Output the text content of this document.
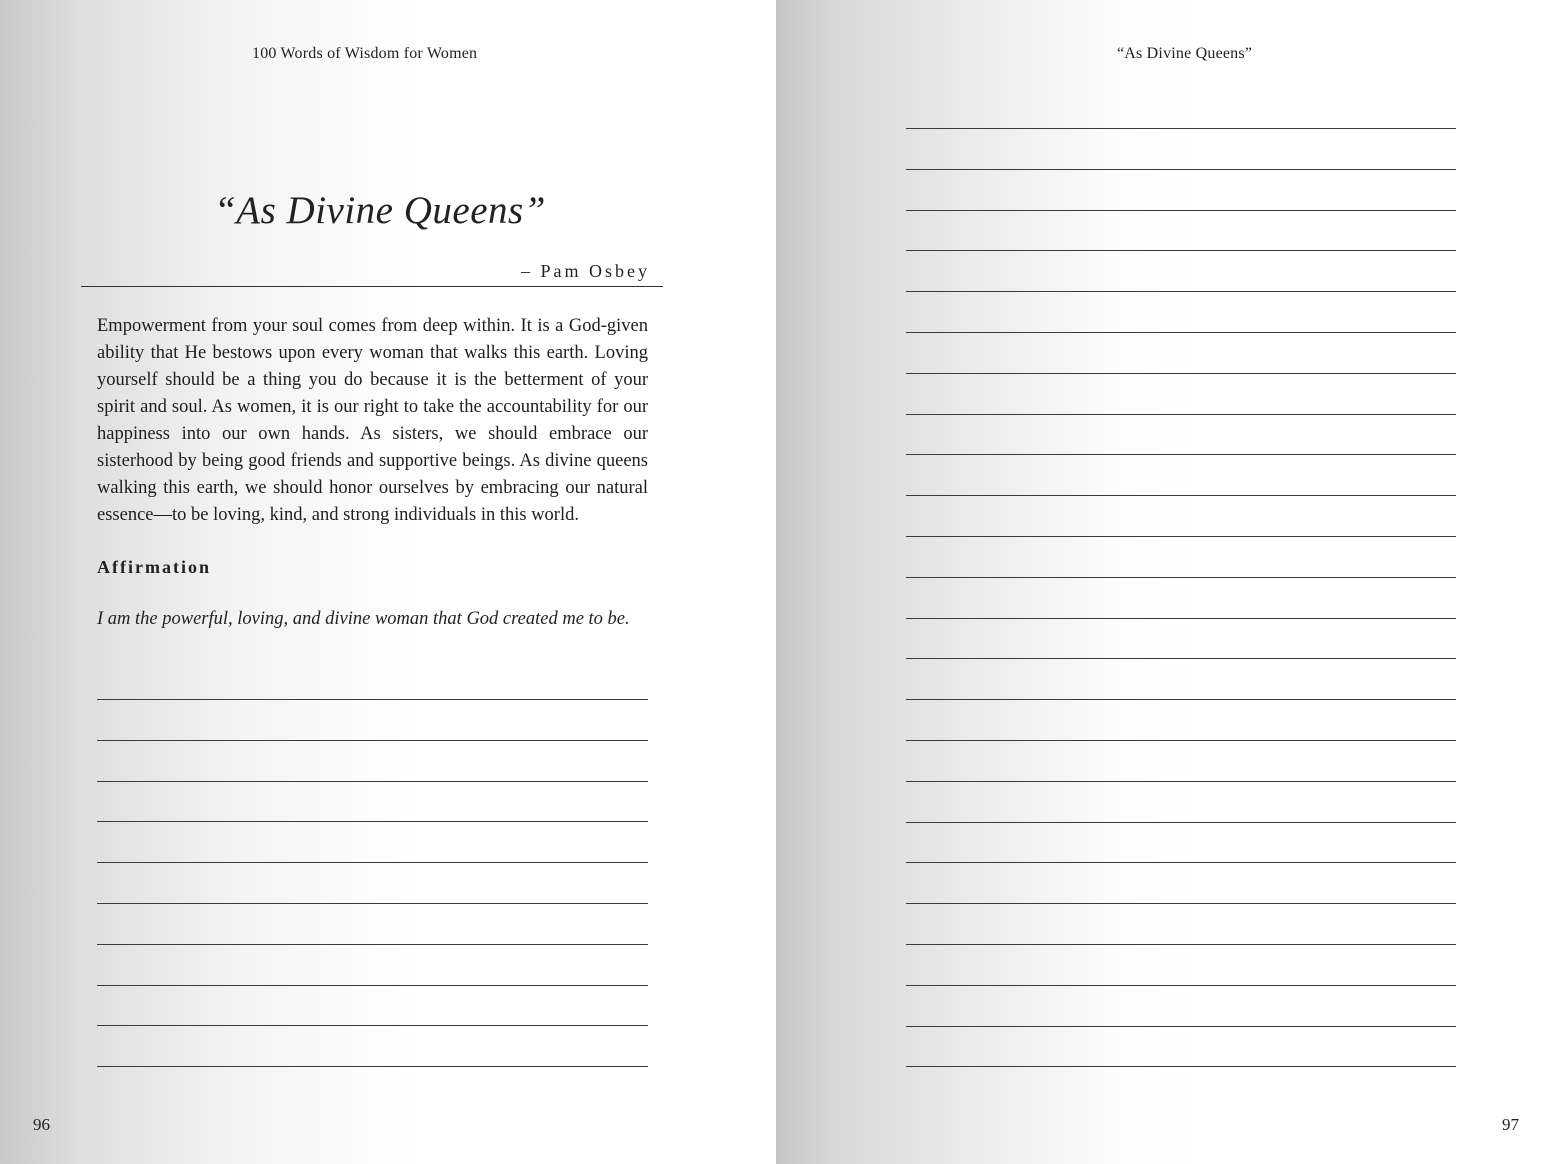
100 Words of Wisdom for Women
“As Divine Queens”
– Pam Osbey
Empowerment from your soul comes from deep within. It is a God-given ability that He bestows upon every woman that walks this earth. Loving yourself should be a thing you do because it is the betterment of your spirit and soul. As women, it is our right to take the accountability for our happiness into our own hands. As sisters, we should embrace our sisterhood by being good friends and supportive beings. As divine queens walking this earth, we should honor ourselves by embracing our natural essence—to be loving, kind, and strong individuals in this world.
Affirmation
I am the powerful, loving, and divine woman that God created me to be.
96
“As Divine Queens”
97
